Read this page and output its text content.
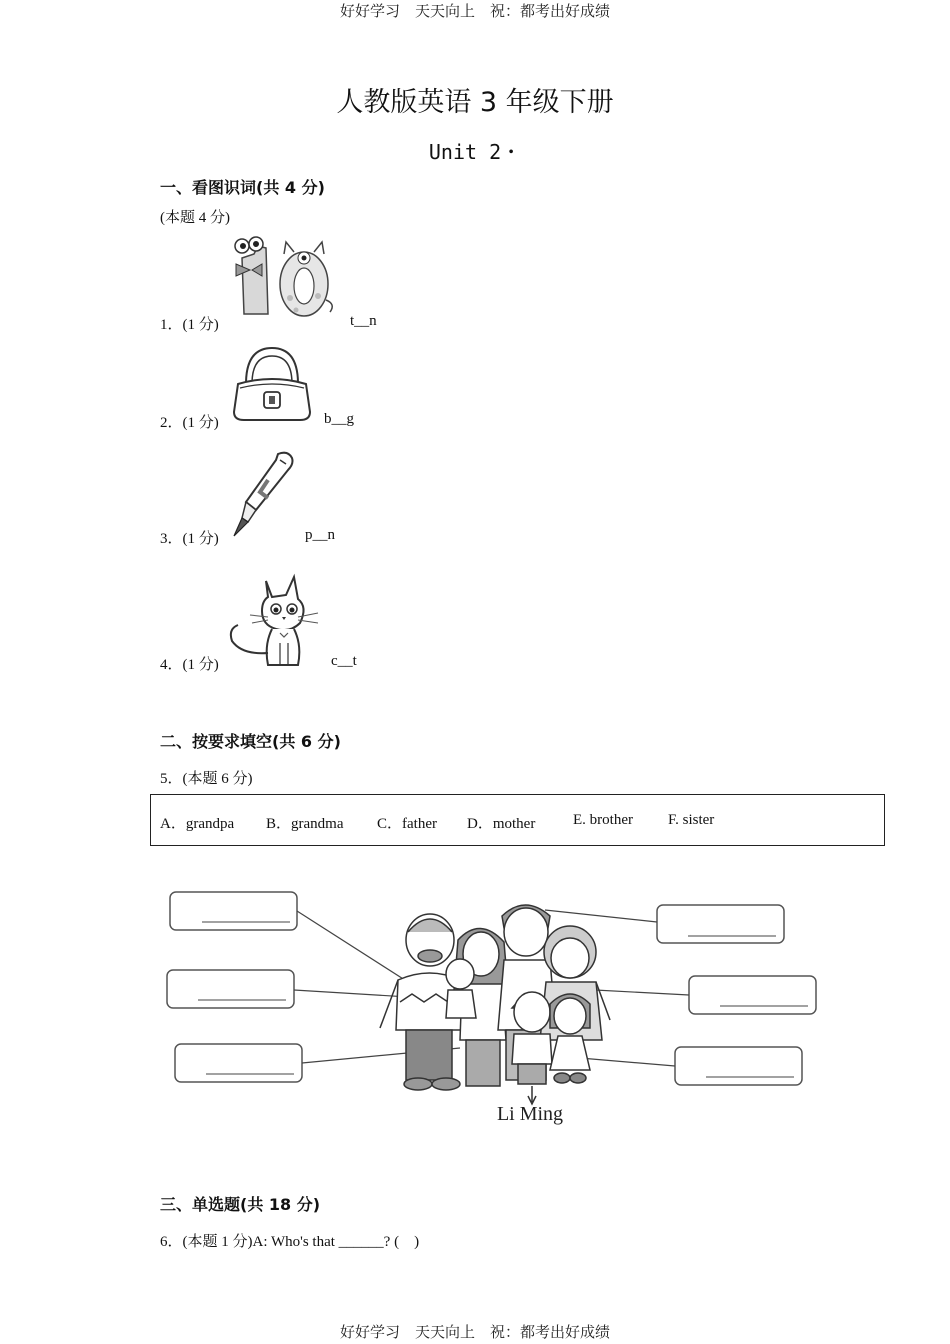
好好学习　天天向上　祝：都考出好成绩
人教版英语 3 年级下册
Unit 2・
一、看图识词(共 4 分)
(本题 4 分)
1．(1 分)	t__n
2．(1 分)	b__g
3．(1 分)	p__n
4．(1 分)	c__t
二、按要求填空(共 6 分)
5．(本题 6 分)
A．grandpa B．grandma C．father D．mother	E. brother F. sister
Li Ming
三、单选题(共 18 分)
6．(本题 1 分)A: Who's that ______? (　)
好好学习　天天向上　祝：都考出好成绩
